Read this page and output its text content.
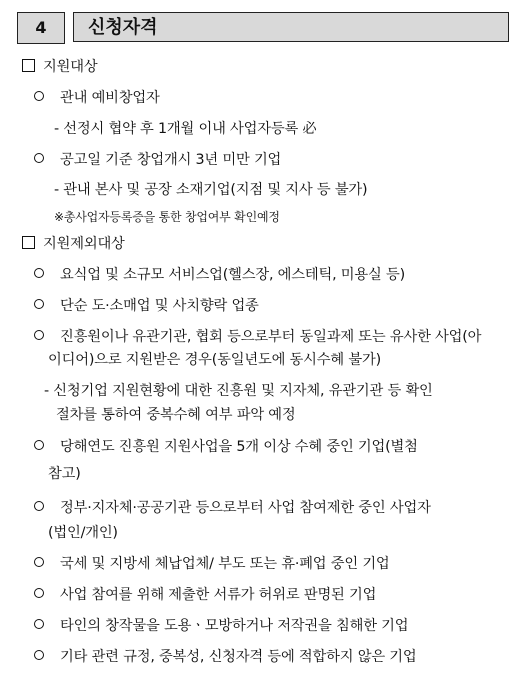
4	신청자격
지원대상
관내 예비창업자
- 선정시 협약 후 1개월 이내 사업자등록 必
공고일 기준 창업개시 3년 미만 기업
- 관내 본사 및 공장 소재기업(지점 및 지사 등 불가)
※총사업자등록증을 통한 창업여부 확인예정
지원제외대상
요식업 및 소규모 서비스업(헬스장, 에스테틱, 미용실 등)
단순 도·소매업 및 사치향락 업종
진흥원이나 유관기관, 협회 등으로부터 동일과제 또는 유사한 사업(아
이디어)으로 지원받은 경우(동일년도에 동시수혜 불가)
- 신청기업 지원현황에 대한 진흥원 및 지자체, 유관기관 등 확인
절차를 통하여 중복수혜 여부 파악 예정
당해연도 진흥원 지원사업을 5개 이상 수혜 중인 기업(별첨
참고)
정부·지자체·공공기관 등으로부터 사업 참여제한 중인 사업자
(법인/개인)
국세 및 지방세 체납업체/ 부도 또는 휴·폐업 중인 기업
사업 참여를 위해 제출한 서류가 허위로 판명된 기업
타인의 창작물을 도용ㆍ모방하거나 저작권을 침해한 기업
기타 관련 규정, 중복성, 신청자격 등에 적합하지 않은 기업
